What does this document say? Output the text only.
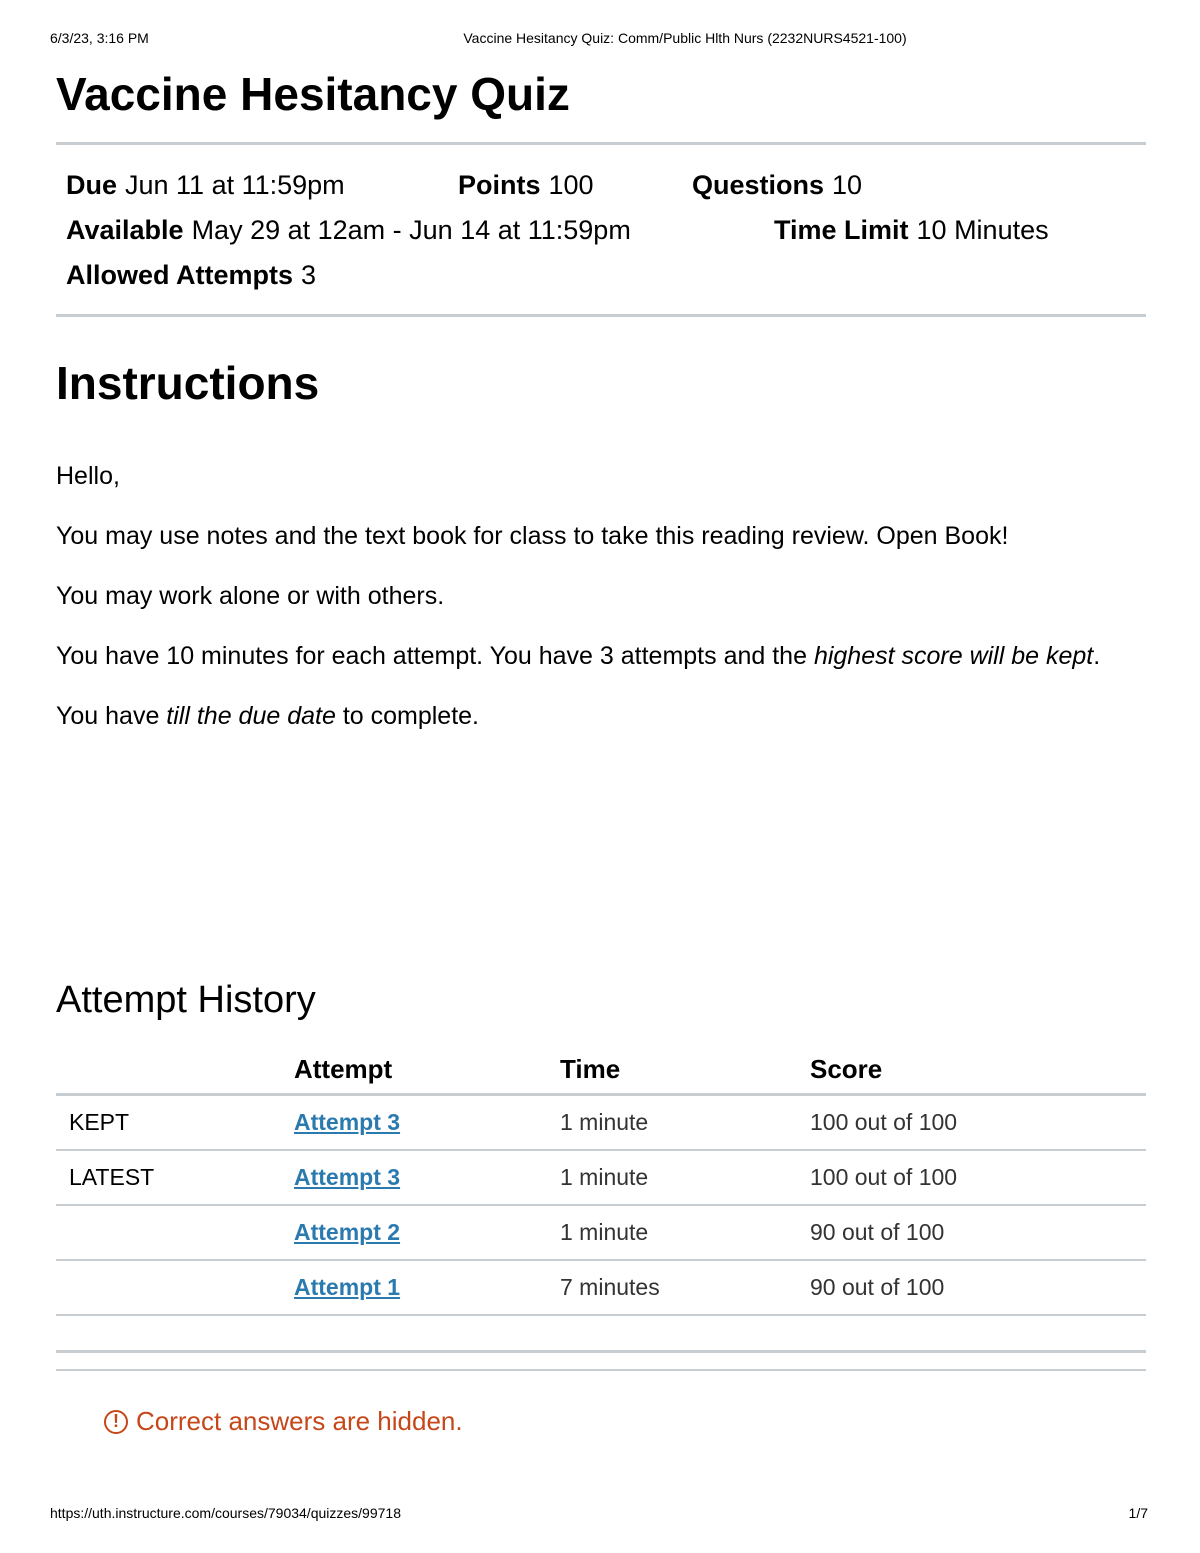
6/3/23, 3:16 PM	Vaccine Hesitancy Quiz: Comm/Public Hlth Nurs (2232NURS4521-100)
Vaccine Hesitancy Quiz
Due Jun 11 at 11:59pm	Points 100	Questions 10
Available May 29 at 12am - Jun 14 at 11:59pm	Time Limit 10 Minutes
Allowed Attempts 3
Instructions

Hello,

You may use notes and the text book for class to take this reading review. Open Book!

You may work alone or with others.

You have 10 minutes for each attempt. You have 3 attempts and the highest score will be kept.

You have till the due date to complete.

Attempt History
	Attempt	Time	Score
KEPT	Attempt 3	1 minute	100 out of 100
LATEST	Attempt 3	1 minute	100 out of 100
	Attempt 2	1 minute	90 out of 100
	Attempt 1	7 minutes	90 out of 100

! Correct answers are hidden.
https://uth.instructure.com/courses/79034/quizzes/99718	1/7
